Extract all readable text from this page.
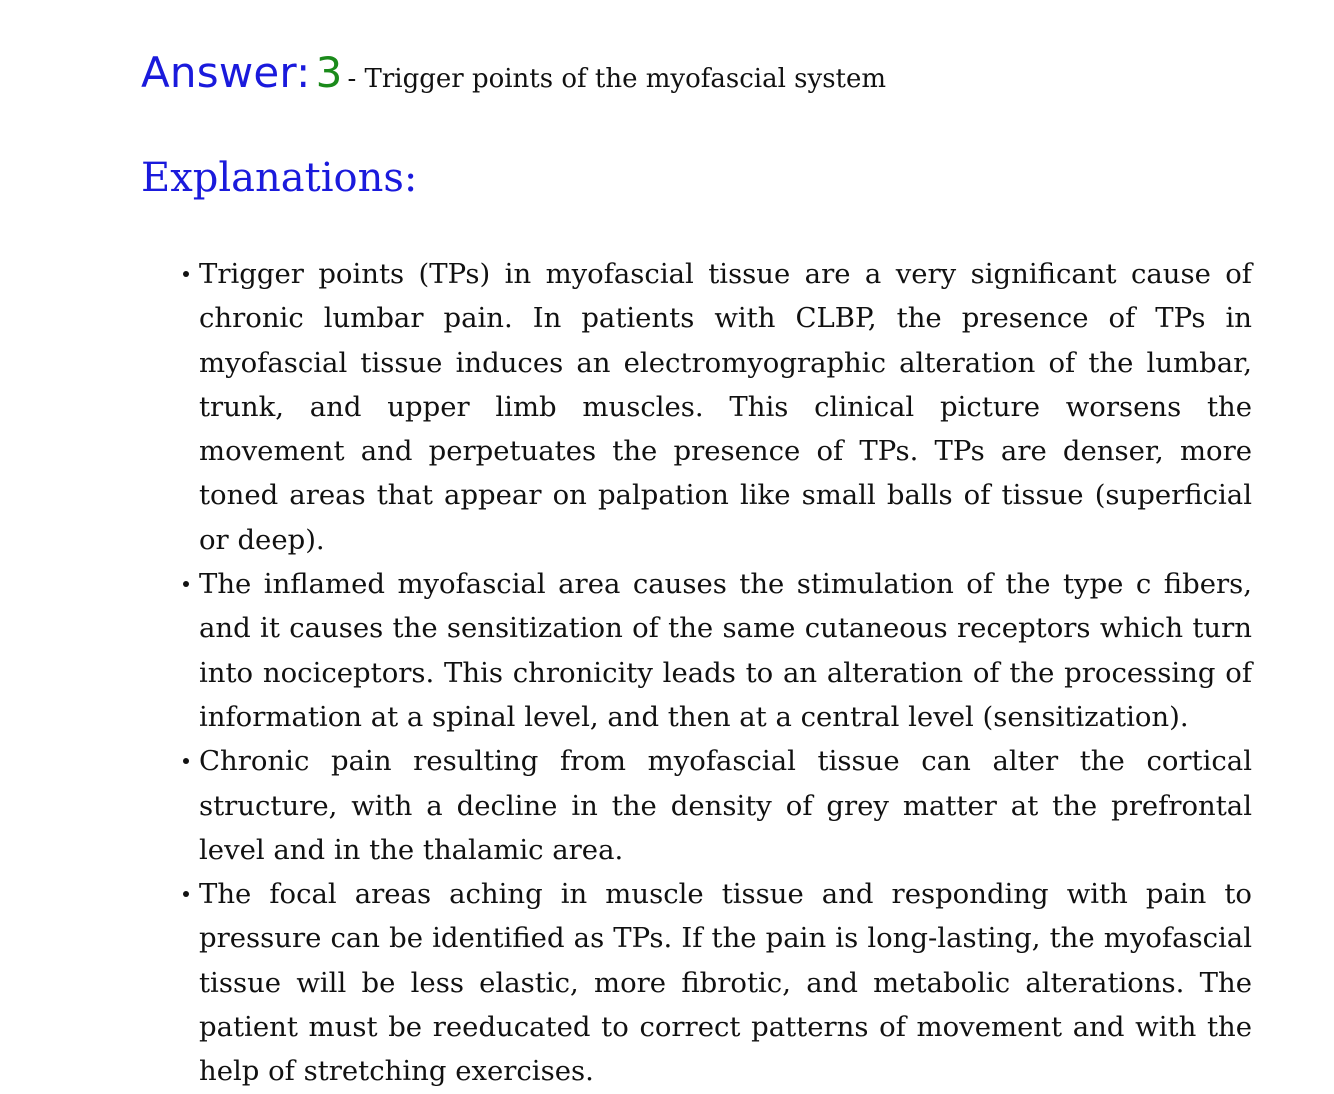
Answer: 3 - Trigger points of the myofascial system
Explanations:
Trigger points (TPs) in myofascial tissue are a very significant cause of chronic lumbar pain. In patients with CLBP, the presence of TPs in myofascial tissue induces an electromyographic alteration of the lumbar, trunk, and upper limb muscles. This clinical picture worsens the movement and perpetuates the presence of TPs. TPs are denser, more toned areas that appear on palpation like small balls of tissue (superficial or deep).
The inflamed myofascial area causes the stimulation of the type c fibers, and it causes the sensitization of the same cutaneous receptors which turn into nociceptors. This chronicity leads to an alteration of the processing of information at a spinal level, and then at a central level (sensitization).
Chronic pain resulting from myofascial tissue can alter the cortical structure, with a decline in the density of grey matter at the prefrontal level and in the thalamic area.
The focal areas aching in muscle tissue and responding with pain to pressure can be identified as TPs. If the pain is long-lasting, the myofascial tissue will be less elastic, more fibrotic, and metabolic alterations. The patient must be reeducated to correct patterns of movement and with the help of stretching exercises.
